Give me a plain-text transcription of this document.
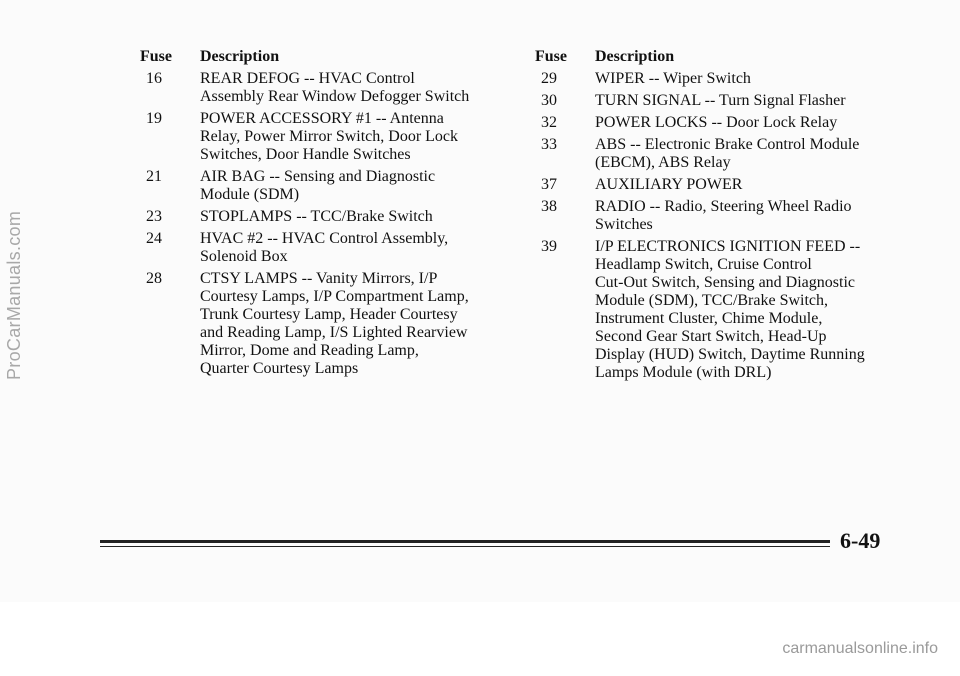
ProCarManuals.com
Fuse	Description
16	REAR DEFOG -- HVAC Control
Assembly Rear Window Defogger Switch
19	POWER ACCESSORY #1 -- Antenna
Relay, Power Mirror Switch, Door Lock
Switches, Door Handle Switches
21	AIR BAG -- Sensing and Diagnostic
Module (SDM)
23	STOPLAMPS -- TCC/Brake Switch
24	HVAC #2 -- HVAC Control Assembly,
Solenoid Box
28	CTSY LAMPS -- Vanity Mirrors, I/P
Courtesy Lamps, I/P Compartment Lamp,
Trunk Courtesy Lamp, Header Courtesy
and Reading Lamp, I/S Lighted Rearview
Mirror, Dome and Reading Lamp,
Quarter Courtesy Lamps
Fuse	Description
29	WIPER -- Wiper Switch
30	TURN SIGNAL -- Turn Signal Flasher
32	POWER LOCKS -- Door Lock Relay
33	ABS -- Electronic Brake Control Module
(EBCM), ABS Relay
37	AUXILIARY POWER
38	RADIO -- Radio, Steering Wheel Radio
Switches
39	I/P ELECTRONICS IGNITION FEED --
Headlamp Switch, Cruise Control
Cut-Out Switch, Sensing and Diagnostic
Module (SDM), TCC/Brake Switch,
Instrument Cluster, Chime Module,
Second Gear Start Switch, Head-Up
Display (HUD) Switch, Daytime Running
Lamps Module (with DRL)
6-49
carmanualsonline.info
